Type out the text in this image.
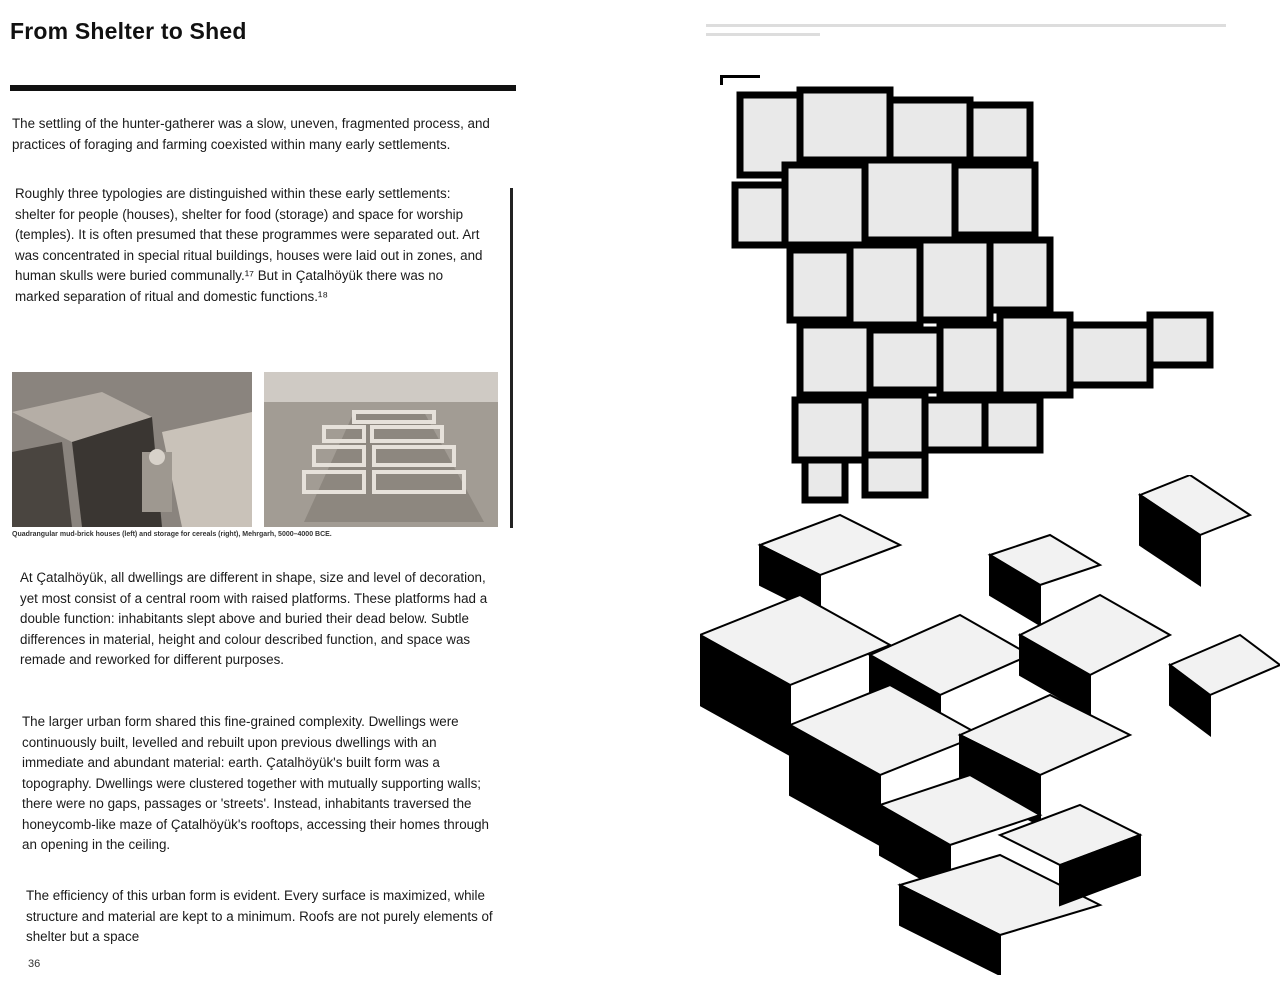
From Shelter to Shed

The settling of the hunter-gatherer was a slow, uneven, fragmented process, and practices of foraging and farming coexisted within many early settlements.

Roughly three typologies are distinguished within these early settlements: shelter for people (houses), shelter for food (storage) and space for worship (temples). It is often presumed that these programmes were separated out. Art was concentrated in special ritual buildings, houses were laid out in zones, and human skulls were buried communally.¹⁷ But in Çatalhöyük there was no marked separation of ritual and domestic functions.¹⁸

Quadrangular mud-brick houses (left) and storage for cereals (right), Mehrgarh, 5000–4000 BCE.

At Çatalhöyük, all dwellings are different in shape, size and level of decoration, yet most consist of a central room with raised platforms. These platforms had a double function: inhabitants slept above and buried their dead below. Subtle differences in material, height and colour described function, and space was remade and reworked for different purposes.

The larger urban form shared this fine-grained complexity. Dwellings were continuously built, levelled and rebuilt upon previous dwellings with an immediate and abundant material: earth. Çatalhöyük's built form was a topography. Dwellings were clustered together with mutually supporting walls; there were no gaps, passages or 'streets'. Instead, inhabitants traversed the honeycomb-like maze of Çatalhöyük's rooftops, accessing their homes through an opening in the ceiling.

The efficiency of this urban form is evident. Every surface is maximized, while structure and material are kept to a minimum. Roofs are not purely elements of shelter but a space

36
